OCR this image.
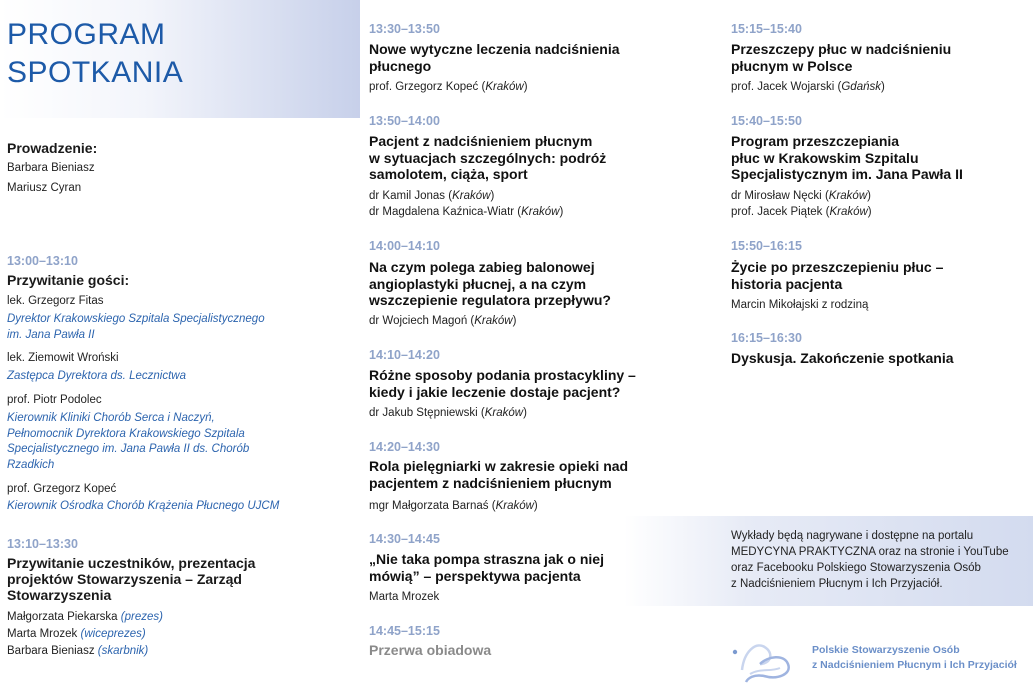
PROGRAM
SPOTKANIA
Prowadzenie:
Barbara Bieniasz
Mariusz Cyran
13:00–13:10
Przywitanie gości:
lek. Grzegorz Fitas
Dyrektor Krakowskiego Szpitala Specjalistycznego
im. Jana Pawła II
lek. Ziemowit Wroński
Zastępca Dyrektora ds. Lecznictwa
prof. Piotr Podolec
Kierownik Kliniki Chorób Serca i Naczyń,
Pełnomocnik Dyrektora Krakowskiego Szpitala
Specjalistycznego im. Jana Pawła II ds. Chorób
Rzadkich
prof. Grzegorz Kopeć
Kierownik Ośrodka Chorób Krążenia Płucnego UJCM
13:10–13:30
Przywitanie uczestników, prezentacja
projektów Stowarzyszenia – Zarząd
Stowarzyszenia
Małgorzata Piekarska (prezes)
Marta Mrozek (wiceprezes)
Barbara Bieniasz (skarbnik)
13:30–13:50
Nowe wytyczne leczenia nadciśnienia
płucnego
prof. Grzegorz Kopeć (Kraków)
13:50–14:00
Pacjent z nadciśnieniem płucnym
w sytuacjach szczególnych: podróż
samolotem, ciąża, sport
dr Kamil Jonas (Kraków)
dr Magdalena Kaźnica-Wiatr (Kraków)
14:00–14:10
Na czym polega zabieg balonowej
angioplastyki płucnej, a na czym
wszczepienie regulatora przepływu?
dr Wojciech Magoń (Kraków)
14:10–14:20
Różne sposoby podania prostacykliny –
kiedy i jakie leczenie dostaje pacjent?
dr Jakub Stępniewski (Kraków)
14:20–14:30
Rola pielęgniarki w zakresie opieki nad
pacjentem z nadciśnieniem płucnym
mgr Małgorzata Barnaś (Kraków)
14:30–14:45
„Nie taka pompa straszna jak o niej
mówią” – perspektywa pacjenta
Marta Mrozek
14:45–15:15
Przerwa obiadowa
15:15–15:40
Przeszczepy płuc w nadciśnieniu
płucnym w Polsce
prof. Jacek Wojarski (Gdańsk)
15:40–15:50
Program przeszczepiania
płuc w Krakowskim Szpitalu
Specjalistycznym im. Jana Pawła II
dr Mirosław Nęcki (Kraków)
prof. Jacek Piątek (Kraków)
15:50–16:15
Życie po przeszczepieniu płuc –
historia pacjenta
Marcin Mikołajski z rodziną
16:15–16:30
Dyskusja. Zakończenie spotkania
Wykłady będą nagrywane i dostępne na portalu
MEDYCYNA PRAKTYCZNA oraz na stronie i YouTube
oraz Facebooku Polskiego Stowarzyszenia Osób
z Nadciśnieniem Płucnym i Ich Przyjaciół.
Polskie Stowarzyszenie Osób
z Nadciśnieniem Płucnym i Ich Przyjaciół
